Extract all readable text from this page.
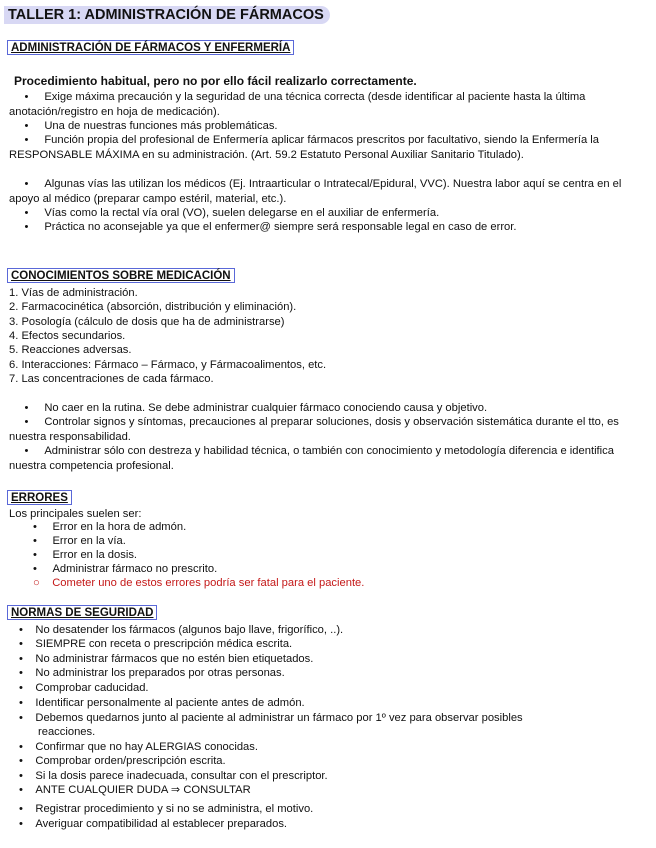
TALLER 1: ADMINISTRACIÓN DE FÁRMACOS
ADMINISTRACIÓN DE FÁRMACOS Y ENFERMERÍA
Procedimiento habitual, pero no por ello fácil realizarlo correctamente.
• Exige máxima precaución y la seguridad de una técnica correcta (desde identificar al paciente hasta la última anotación/registro en hoja de medicación).
• Una de nuestras funciones más problemáticas.
• Función propia del profesional de Enfermería aplicar fármacos prescritos por facultativo, siendo la Enfermería la RESPONSABLE MÁXIMA en su administración. (Art. 59.2 Estatuto Personal Auxiliar Sanitario Titulado).
• Algunas vías las utilizan los médicos (Ej. Intraarticular o Intratecal/Epidural, VVC). Nuestra labor aquí se centra en el apoyo al médico (preparar campo estéril, material, etc.).
• Vías como la rectal vía oral (VO), suelen delegarse en el auxiliar de enfermería.
• Práctica no aconsejable ya que el enfermer@ siempre será responsable legal en caso de error.
CONOCIMIENTOS SOBRE MEDICACIÓN
1. Vías de administración.
2. Farmacocinética (absorción, distribución y eliminación).
3. Posología (cálculo de dosis que ha de administrarse)
4. Efectos secundarios.
5. Reacciones adversas.
6. Interacciones: Fármaco – Fármaco, y Fármacoalimentos, etc.
7. Las concentraciones de cada fármaco.
• No caer en la rutina. Se debe administrar cualquier fármaco conociendo causa y objetivo.
• Controlar signos y síntomas, precauciones al preparar soluciones, dosis y observación sistemática durante el tto, es nuestra responsabilidad.
• Administrar sólo con destreza y habilidad técnica, o también con conocimiento y metodología diferencia e identifica nuestra competencia profesional.
ERRORES
Los principales suelen ser:
• Error en la hora de admón.
• Error en la vía.
• Error en la dosis.
• Administrar fármaco no prescrito.
○ Cometer uno de estos errores podría ser fatal para el paciente.
NORMAS DE SEGURIDAD
• No desatender los fármacos (algunos bajo llave, frigorífico, ..).
• SIEMPRE con receta o prescripción médica escrita.
• No administrar fármacos que no estén bien etiquetados.
• No administrar los preparados por otras personas.
• Comprobar caducidad.
• Identificar personalmente al paciente antes de admón.
• Debemos quedarnos junto al paciente al administrar un fármaco por 1º vez para observar posibles
reacciones.
• Confirmar que no hay ALERGIAS conocidas.
• Comprobar orden/prescripción escrita.
• Si la dosis parece inadecuada, consultar con el prescriptor.
• ANTE CUALQUIER DUDA ⇒ CONSULTAR
• Registrar procedimiento y si no se administra, el motivo.
• Averiguar compatibilidad al establecer preparados.
